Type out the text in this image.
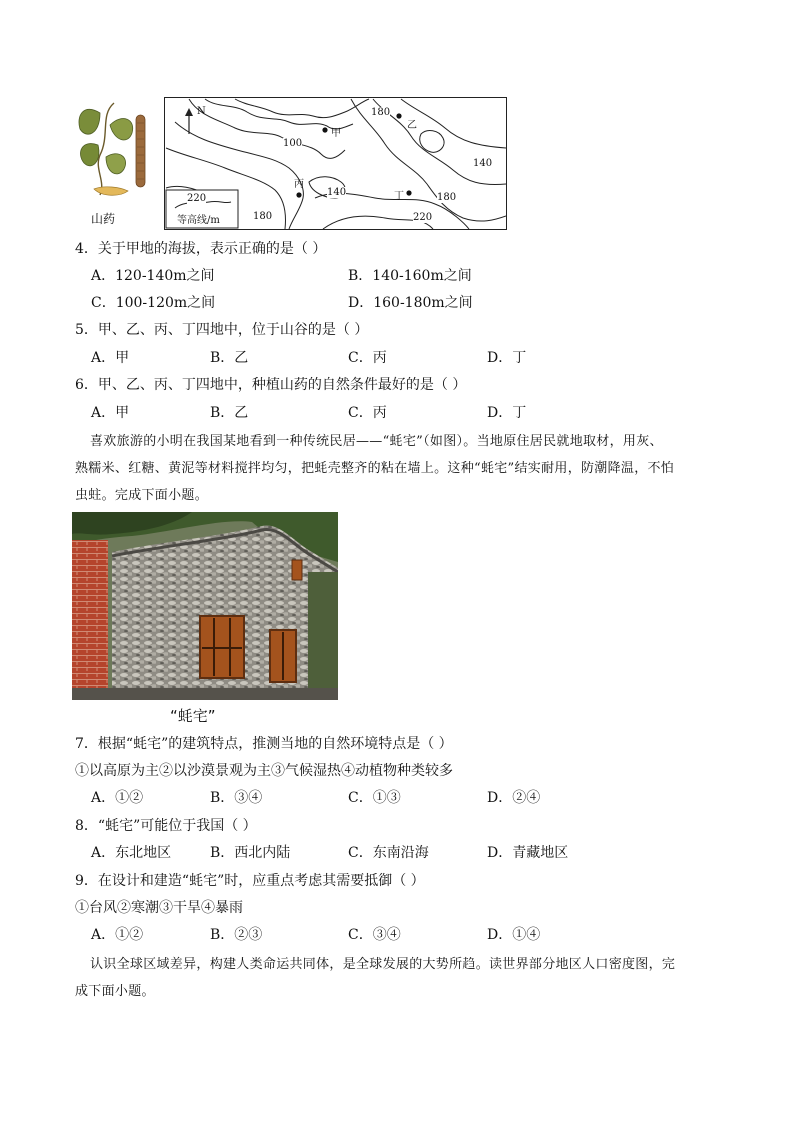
山药
N	180
100
140
140	180
180	220
220
等高线/m
甲
乙
丙
丁
4．关于甲地的海拔，表示正确的是（ ）
A．120-140m之间	B．140-160m之间
C．100-120m之间	D．160-180m之间
5．甲、乙、丙、丁四地中，位于山谷的是（ ）
A．甲	B．乙	C．丙	D．丁
6．甲、乙、丙、丁四地中，种植山药的自然条件最好的是（ ）
A．甲	B．乙	C．丙	D．丁
喜欢旅游的小明在我国某地看到一种传统民居——“蚝宅”（如图）。当地原住居民就地取材，用灰、
熟糯米、红糖、黄泥等材料搅拌均匀，把蚝壳整齐的粘在墙上。这种“蚝宅”结实耐用，防潮降温，不怕
虫蛀。完成下面小题。
“蚝宅”
7．根据“蚝宅”的建筑特点，推测当地的自然环境特点是（ ）
①以高原为主②以沙漠景观为主③气候湿热④动植物种类较多
A．①②	B．③④	C．①③	D．②④
8．“蚝宅”可能位于我国（ ）
A．东北地区	B．西北内陆	C．东南沿海	D．青藏地区
9．在设计和建造“蚝宅”时，应重点考虑其需要抵御（ ）
①台风②寒潮③干旱④暴雨
A．①②	B．②③	C．③④	D．①④
认识全球区域差异，构建人类命运共同体，是全球发展的大势所趋。读世界部分地区人口密度图，完
成下面小题。
